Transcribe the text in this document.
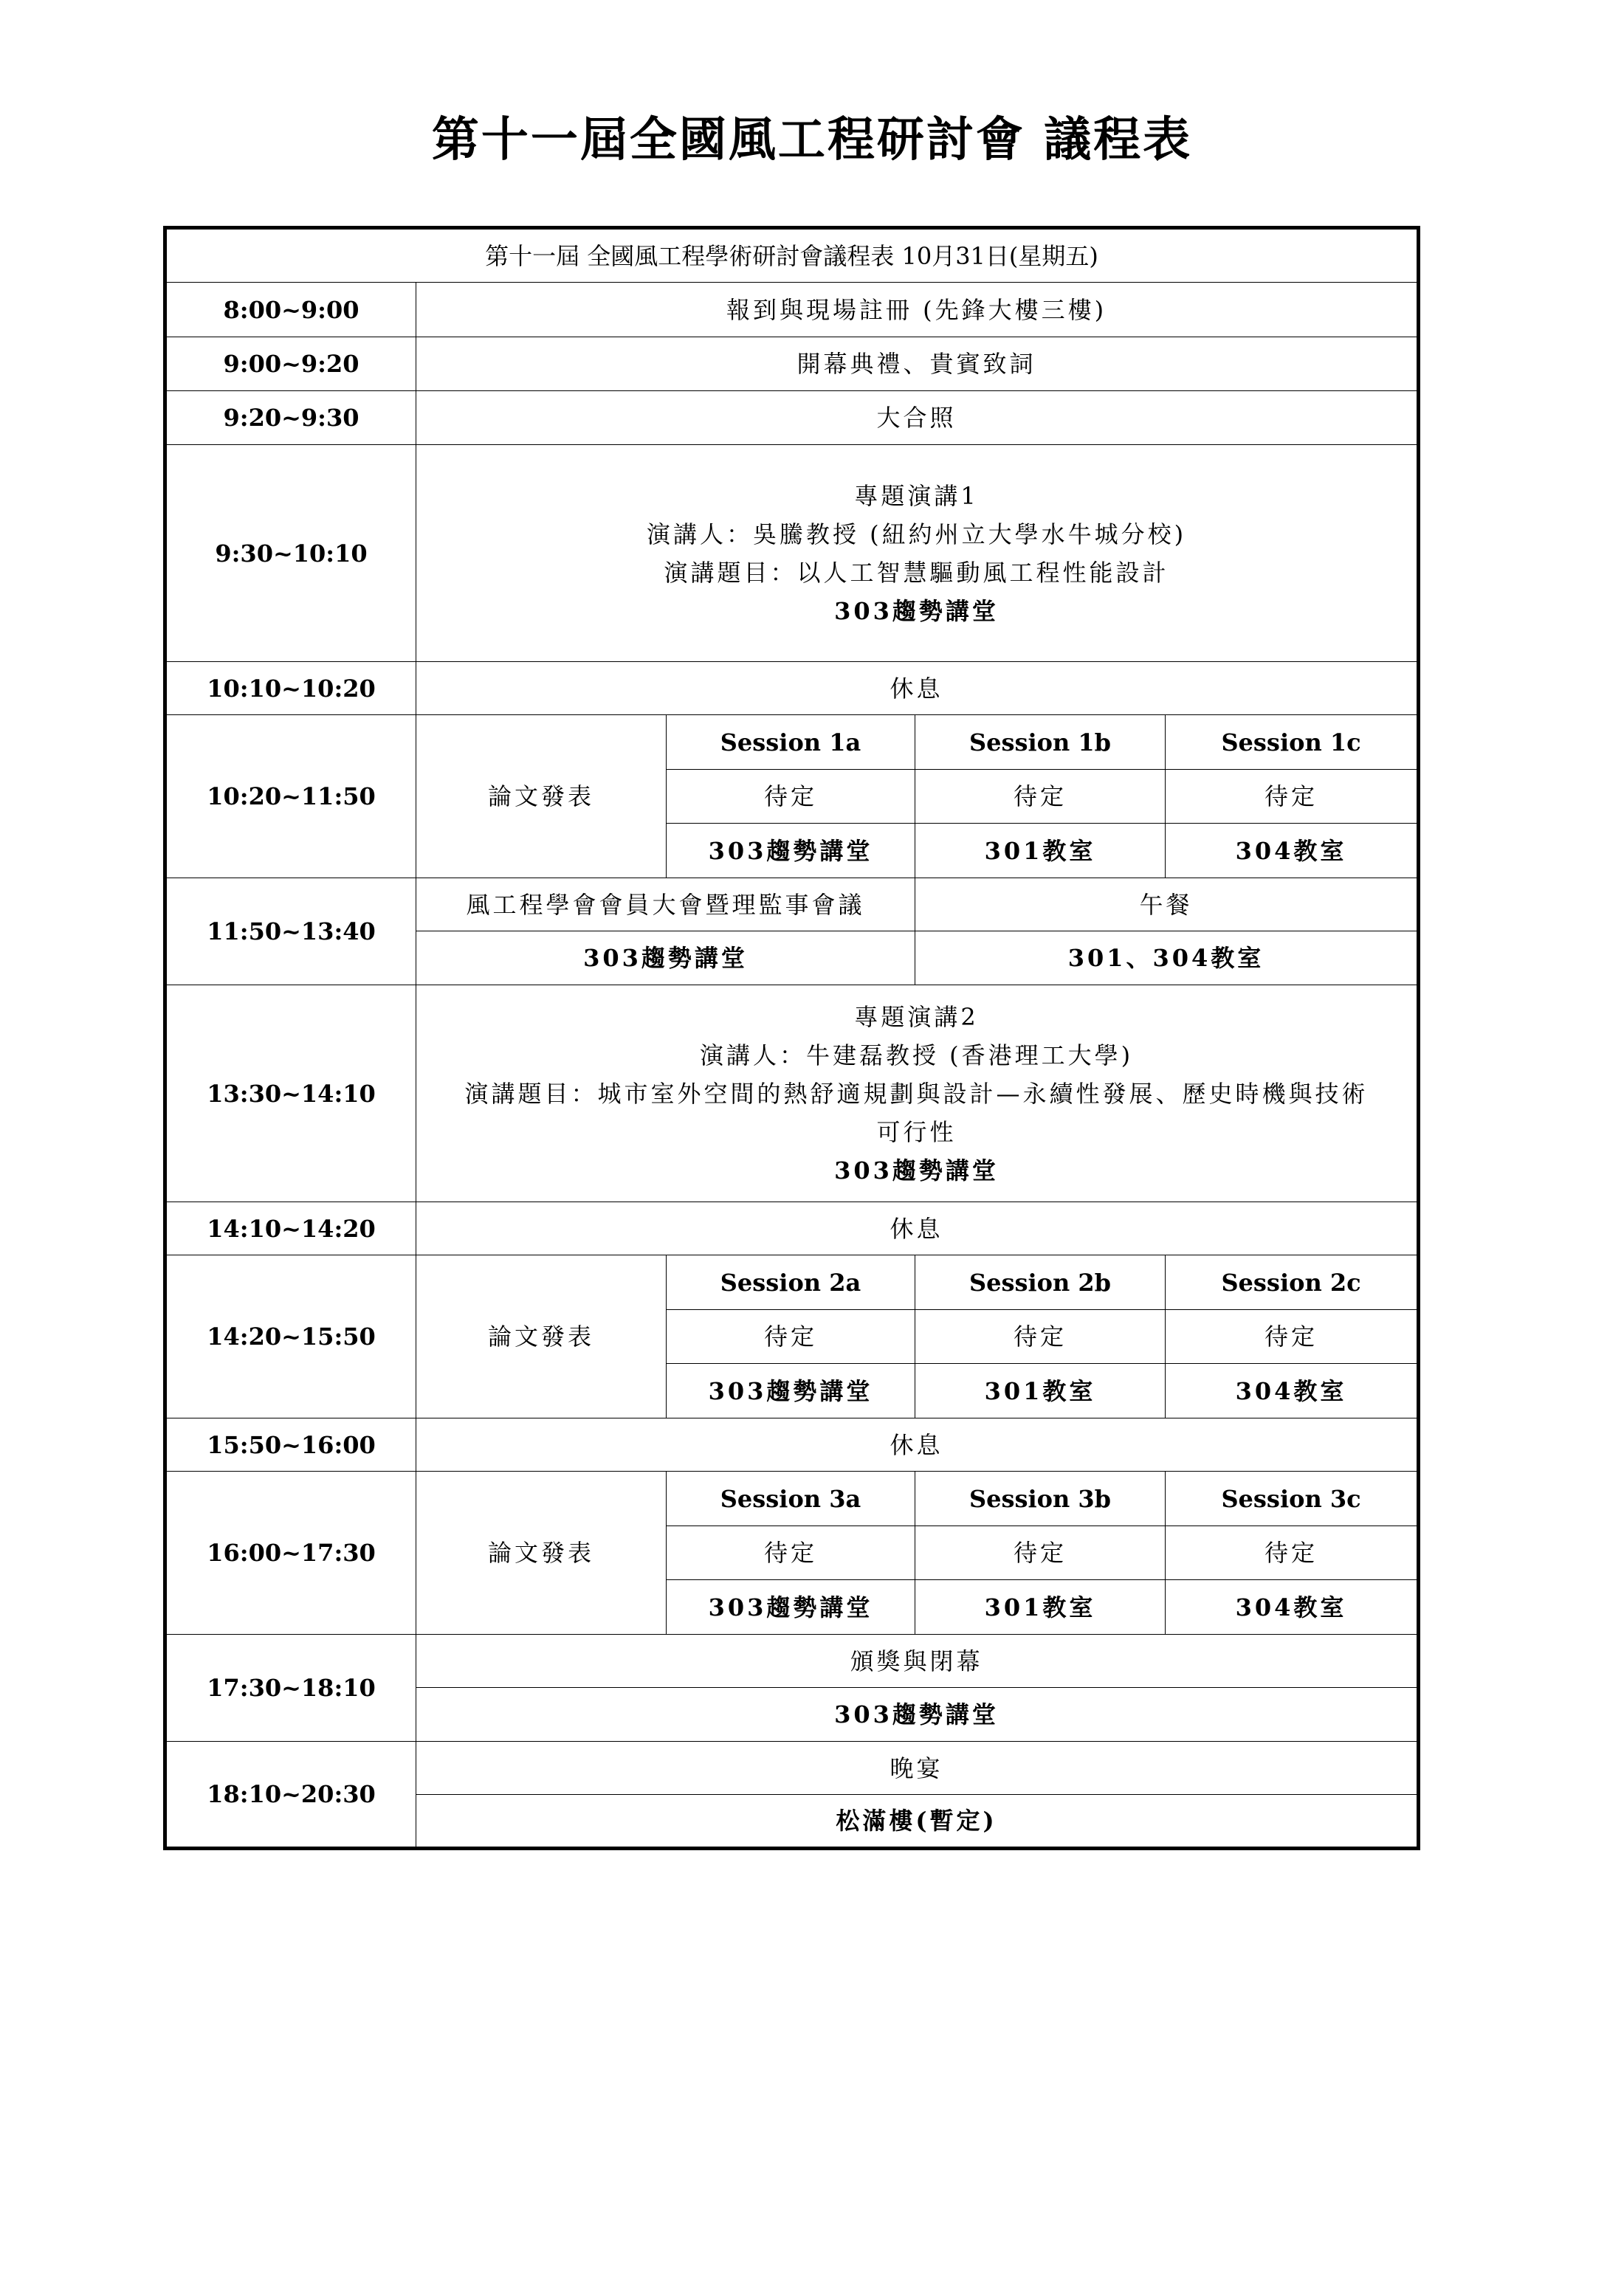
第十一屆全國風工程研討會 議程表
第十一屆 全國風工程學術研討會議程表 10月31日(星期五)				
8:00~9:00	報到與現場註冊 (先鋒大樓三樓)			
9:00~9:20	開幕典禮、貴賓致詞			
9:20~9:30	大合照			
9:30~10:10	專題演講1
演講人：吳騰教授 (紐約州立大學水牛城分校)
演講題目：以人工智慧驅動風工程性能設計
303趨勢講堂			

10:10~10:20	休息			
10:20~11:50	論文發表	Session 1a	Session 1b	Session 1c
		待定	待定	待定
		303趨勢講堂	301教室	304教室
11:50~13:40	風工程學會會員大會暨理監事會議		午餐	
	303趨勢講堂		301、304教室	
13:30~14:10	專題演講2
演講人：牛建磊教授 (香港理工大學)
演講題目：城市室外空間的熱舒適規劃與設計—永續性發展、歷史時機與技術
可行性
303趨勢講堂			

14:10~14:20	休息			
14:20~15:50	論文發表	Session 2a	Session 2b	Session 2c
		待定	待定	待定
		303趨勢講堂	301教室	304教室
15:50~16:00	休息			
16:00~17:30	論文發表	Session 3a	Session 3b	Session 3c
		待定	待定	待定
		303趨勢講堂	301教室	304教室
17:30~18:10	頒獎與閉幕			
	303趨勢講堂			
18:10~20:30	晚宴			
	松滿樓(暫定)			
